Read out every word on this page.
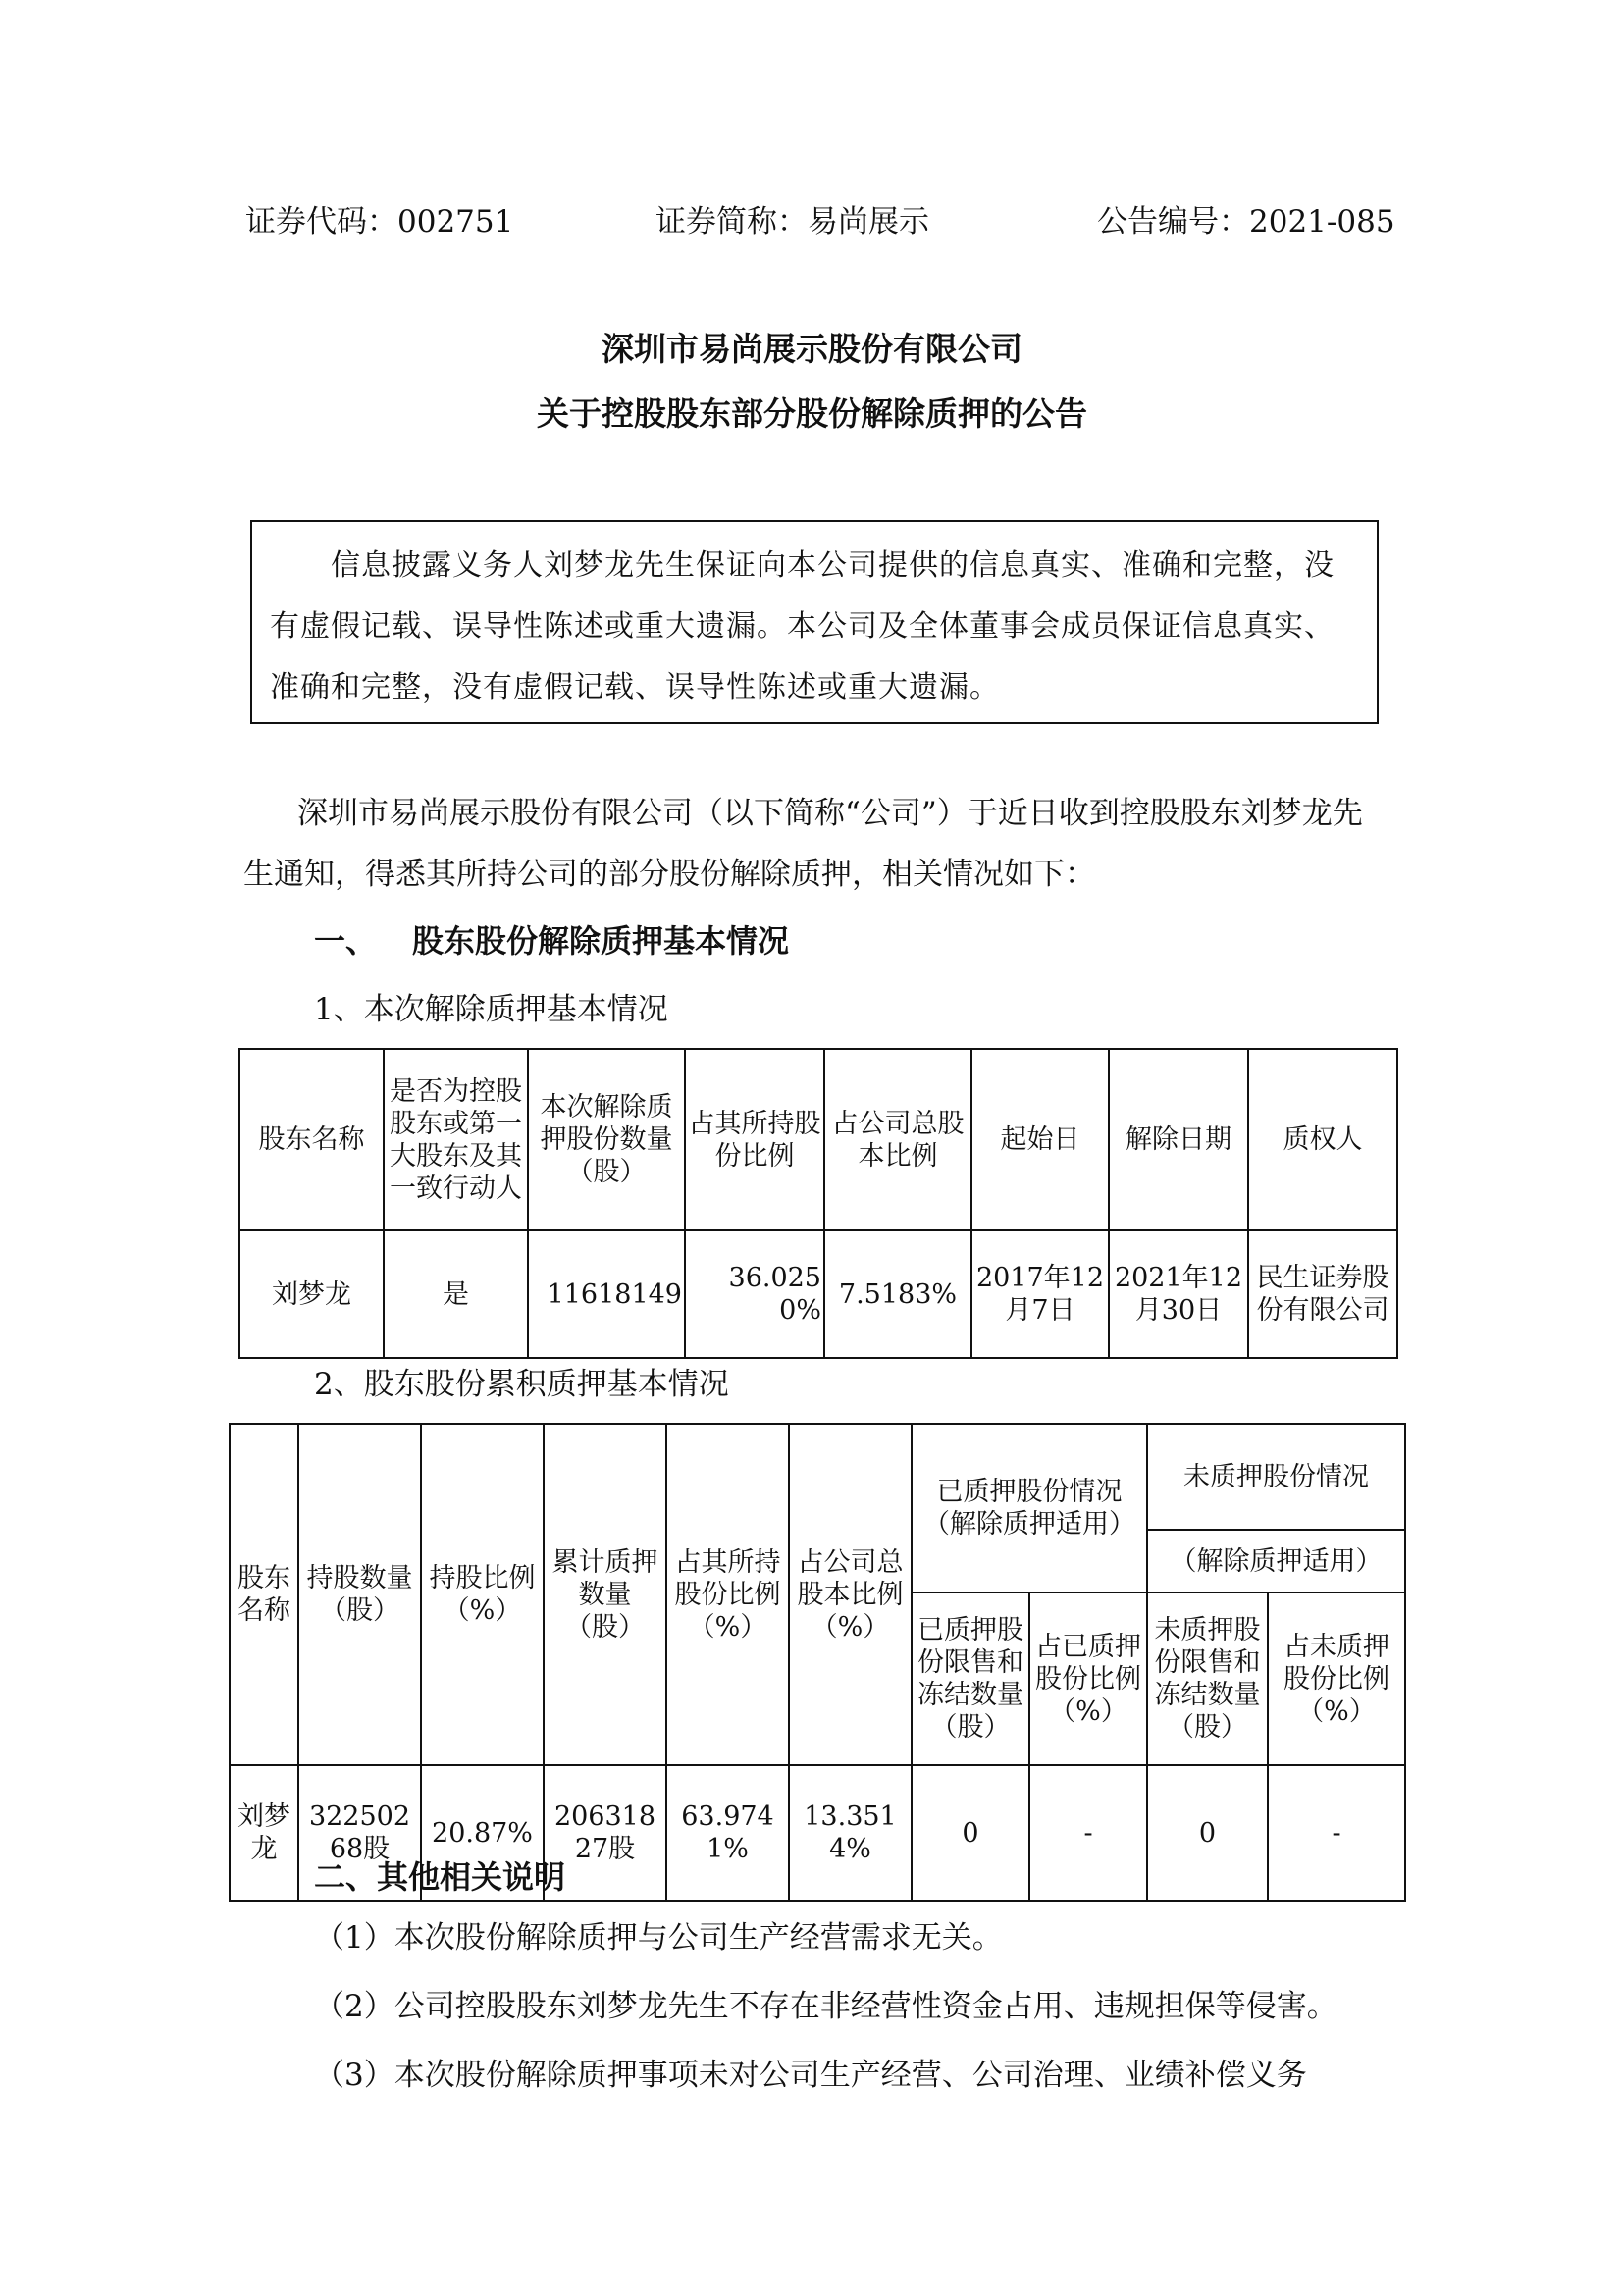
证券代码：002751	证券简称：易尚展示	公告编号：2021-085
深圳市易尚展示股份有限公司
关于控股股东部分股份解除质押的公告
信息披露义务人刘梦龙先生保证向本公司提供的信息真实、准确和完整，没有虚假记载、误导性陈述或重大遗漏。本公司及全体董事会成员保证信息真实、准确和完整，没有虚假记载、误导性陈述或重大遗漏。
深圳市易尚展示股份有限公司（以下简称“公司”）于近日收到控股股东刘梦龙先生通知，得悉其所持公司的部分股份解除质押，相关情况如下：
一、 股东股份解除质押基本情况
1、本次解除质押基本情况
股东名称	是否为控股股东或第一大股东及其一致行动人	本次解除质押股份数量（股）	占其所持股份比例	占公司总股本比例	起始日	解除日期	质权人
刘梦龙	是	11618149	36.0250%	7.5183%	2017年12月7日	2021年12月30日	民生证券股份有限公司
2、股东股份累积质押基本情况
股东名称	持股数量（股）	持股比例（%）	累计质押数量（股）	占其所持股份比例（%）	占公司总股本比例（%）	已质押股份情况（解除质押适用）		未质押股份情况	
								（解除质押适用）	
						已质押股份限售和冻结数量（股）	占已质押股份比例（%）	未质押股份限售和冻结数量（股）	占未质押股份比例（%）
刘梦龙	32250268股	20.87%	20631827股	63.9741%	13.3514%	0	-	0	-
二、其他相关说明
（1）本次股份解除质押与公司生产经营需求无关。
（2）公司控股股东刘梦龙先生不存在非经营性资金占用、违规担保等侵害。
（3）本次股份解除质押事项未对公司生产经营、公司治理、业绩补偿义务
